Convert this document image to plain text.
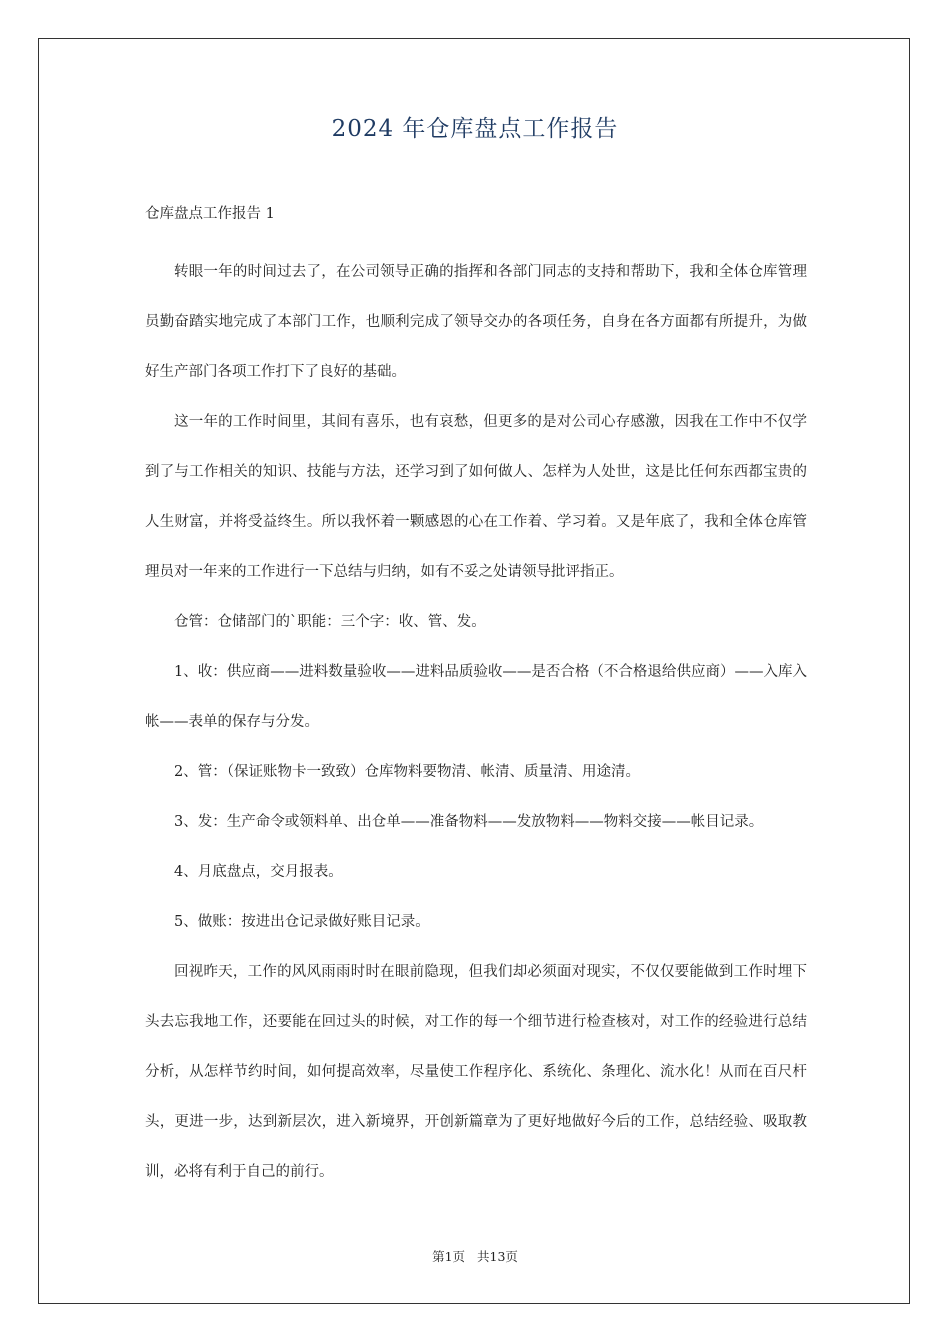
2024 年仓库盘点工作报告
仓库盘点工作报告 1

转眼一年的时间过去了，在公司领导正确的指挥和各部门同志的支持和帮助下，我和全体仓库管理员勤奋踏实地完成了本部门工作，也顺利完成了领导交办的各项任务，自身在各方面都有所提升，为做好生产部门各项工作打下了良好的基础。

这一年的工作时间里，其间有喜乐，也有哀愁，但更多的是对公司心存感激，因我在工作中不仅学到了与工作相关的知识、技能与方法，还学习到了如何做人、怎样为人处世，这是比任何东西都宝贵的人生财富，并将受益终生。所以我怀着一颗感恩的心在工作着、学习着。又是年底了，我和全体仓库管理员对一年来的工作进行一下总结与归纳，如有不妥之处请领导批评指正。

仓管：仓储部门的`职能：三个字：收、管、发。

1、收：供应商——进料数量验收——进料品质验收——是否合格（不合格退给供应商）——入库入帐——表单的保存与分发。

2、管：（保证账物卡一致致）仓库物料要物清、帐清、质量清、用途清。

3、发：生产命令或领料单、出仓单——准备物料——发放物料——物料交接——帐目记录。

4、月底盘点，交月报表。

5、做账：按进出仓记录做好账目记录。

回视昨天，工作的风风雨雨时时在眼前隐现，但我们却必须面对现实，不仅仅要能做到工作时埋下头去忘我地工作，还要能在回过头的时候，对工作的每一个细节进行检查核对，对工作的经验进行总结分析，从怎样节约时间，如何提高效率，尽量使工作程序化、系统化、条理化、流水化！从而在百尺杆头，更进一步，达到新层次，进入新境界，开创新篇章为了更好地做好今后的工作，总结经验、吸取教训，必将有利于自己的前行。

第1页 共13页
